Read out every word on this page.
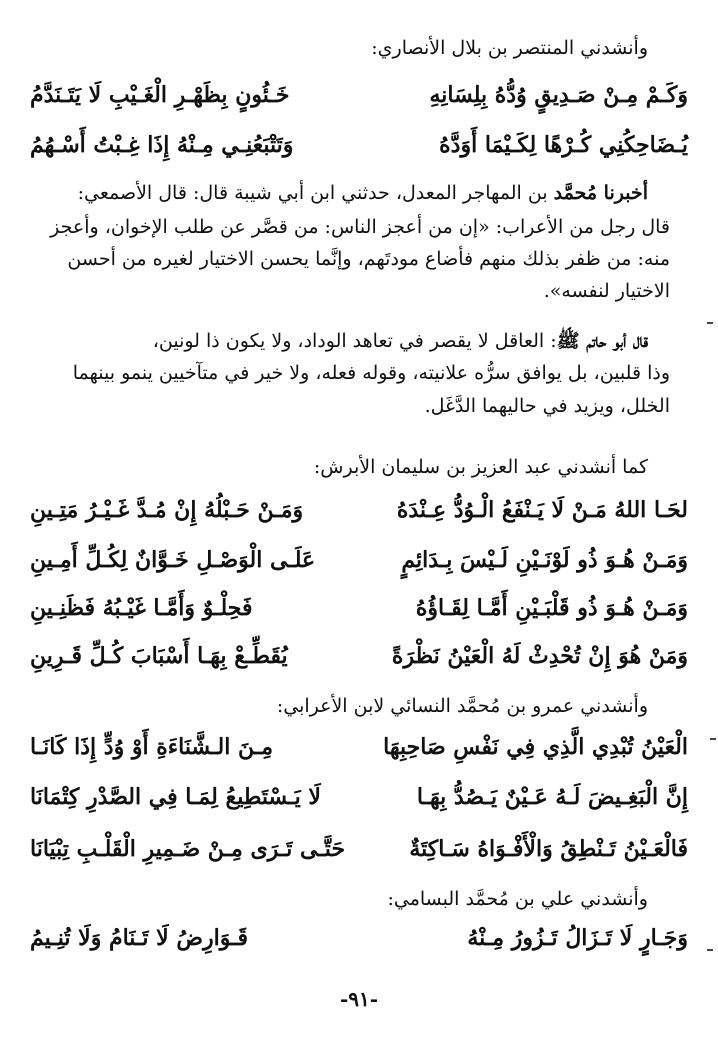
وأنشدني المنتصر بن بلال الأنصاري:
وَكَـمْ مِـنْ صَـدِيقٍ وُدُّهُ بِلِسَانِهِ
خَـئُونٍ بِظَهْـرِ الْغَـيْبِ لَا يَتَـنَدَّمُ
يُـضَاحِكُنِي كُـرْهًا لِكَـيْمَا أَوَدَّهُ
وَتَتْبَعُنِـي مِـنْهُ إِذَا غِـبْتُ أَسْـهُمُ
أخبرنا مُحمَّد بن المهاجر المعدل، حدثني ابن أبي شيبة قال: قال الأصمعي:
قال رجل من الأعراب: «إن من أعجز الناس: من قصَّر عن طلب الإخوان، وأعجز
منه: من ظفر بذلك منهم فأضاع مودتَهم، وإنَّما يحسن الاختيار لغيره من أحسن
الاختيار لنفسه».
قال أبو حاتم ﷺ: العاقل لا يقصر في تعاهد الوداد، ولا يكون ذا لونين،
وذا قلبين، بل يوافق سرُّه علانيته، وقوله فعله، ولا خير في متآخيين ينمو بينهما
الخلل، ويزيد في حاليهما الدَّغَل.
كما أنشدني عبد العزيز بن سليمان الأبرش:
لحَـا اللهُ مَـنْ لَا يَـنْفَعُ الْـوُدُّ عِـنْدَهُ
وَمَـنْ حَـبْلُهُ إِنْ مُـدَّ غَـيْـرُ مَتِـينِ
وَمَـنْ هُـوَ ذُو لَوْنَـيْنِ لَـيْسَ بِـدَائِمٍ
عَلَـى الْوَصْـلِ خَـوَّانٌ لِكُـلِّ أَمِـينِ
وَمَـنْ هُـوَ ذُو قَلْبَـيْنِ أَمَّـا لِقَـاؤُهُ
فَحِلْـوٌ وَأَمَّـا غَيْـبُهُ فَظَنِـينِ
وَمَنْ هُوَ إِنْ تُحْدِثْ لَهُ الْعَيْنُ نَظْرَةً
يُقَطِّـعْ بِهَـا أَسْبَابَ كُـلِّ قَـرِينِ
وأنشدني عمرو بن مُحمَّد النسائي لابن الأعرابي:
الْعَيْنُ تُبْدِي الَّذِي فِي نَفْسِ صَاحِبِهَا
مِـنَ الـشَّنَاءَةِ أَوْ وُدٍّ إِذَا كَانَـا
إِنَّ الْبَغِـيضَ لَـهُ عَـيْنٌ يَـصُدُّ بِهَـا
لَا يَـسْتَطِيعُ لِمَـا فِي الصَّدْرِ كِتْمَانَا
فَالْعَـيْنُ تَـنْطِقُ وَالْأَفْـوَاهُ سَـاكِتَةٌ
حَتَّـى تَـرَى مِـنْ ضَـمِيرِ الْقَلْـبِ تِبْيَانَا
وأنشدني علي بن مُحمَّد البسامي:
وَجَـارٍ لَا تَـزَالُ تَـزُورُ مِـنْهُ
قَـوَارِضُ لَا تَـنَامُ وَلَا تُنِـيمُ
-٩١-
